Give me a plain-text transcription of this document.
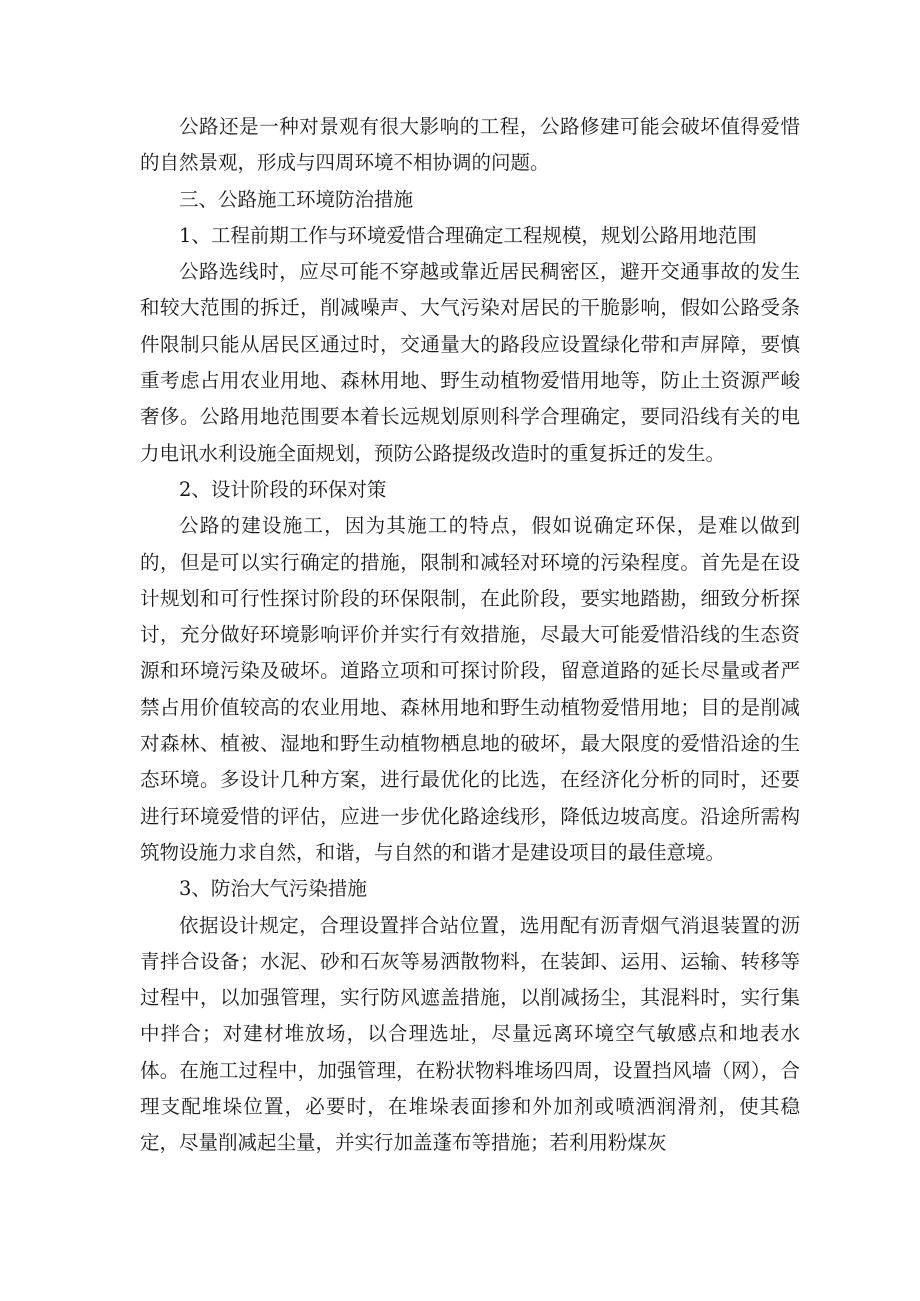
公路还是一种对景观有很大影响的工程，公路修建可能会破坏值得爱惜的自然景观，形成与四周环境不相协调的问题。

三、公路施工环境防治措施

1、工程前期工作与环境爱惜合理确定工程规模，规划公路用地范围

公路选线时，应尽可能不穿越或靠近居民稠密区，避开交通事故的发生和较大范围的拆迁，削减噪声、大气污染对居民的干脆影响，假如公路受条件限制只能从居民区通过时，交通量大的路段应设置绿化带和声屏障，要慎重考虑占用农业用地、森林用地、野生动植物爱惜用地等，防止土资源严峻奢侈。公路用地范围要本着长远规划原则科学合理确定，要同沿线有关的电力电讯水利设施全面规划，预防公路提级改造时的重复拆迁的发生。

2、设计阶段的环保对策

公路的建设施工，因为其施工的特点，假如说确定环保，是难以做到的，但是可以实行确定的措施，限制和减轻对环境的污染程度。首先是在设计规划和可行性探讨阶段的环保限制，在此阶段，要实地踏勘，细致分析探讨，充分做好环境影响评价并实行有效措施，尽最大可能爱惜沿线的生态资源和环境污染及破坏。道路立项和可探讨阶段，留意道路的延长尽量或者严禁占用价值较高的农业用地、森林用地和野生动植物爱惜用地；目的是削减对森林、植被、湿地和野生动植物栖息地的破坏，最大限度的爱惜沿途的生态环境。多设计几种方案，进行最优化的比选，在经济化分析的同时，还要进行环境爱惜的评估，应进一步优化路途线形，降低边坡高度。沿途所需构筑物设施力求自然，和谐，与自然的和谐才是建设项目的最佳意境。

3、防治大气污染措施

依据设计规定，合理设置拌合站位置，选用配有沥青烟气消退装置的沥青拌合设备；水泥、砂和石灰等易洒散物料，在装卸、运用、运输、转移等过程中，以加强管理，实行防风遮盖措施，以削减扬尘，其混料时，实行集中拌合；对建材堆放场，以合理选址，尽量远离环境空气敏感点和地表水体。在施工过程中，加强管理，在粉状物料堆场四周，设置挡风墙（网），合理支配堆垛位置，必要时，在堆垛表面掺和外加剂或喷洒润滑剂，使其稳定，尽量削减起尘量，并实行加盖蓬布等措施；若利用粉煤灰
